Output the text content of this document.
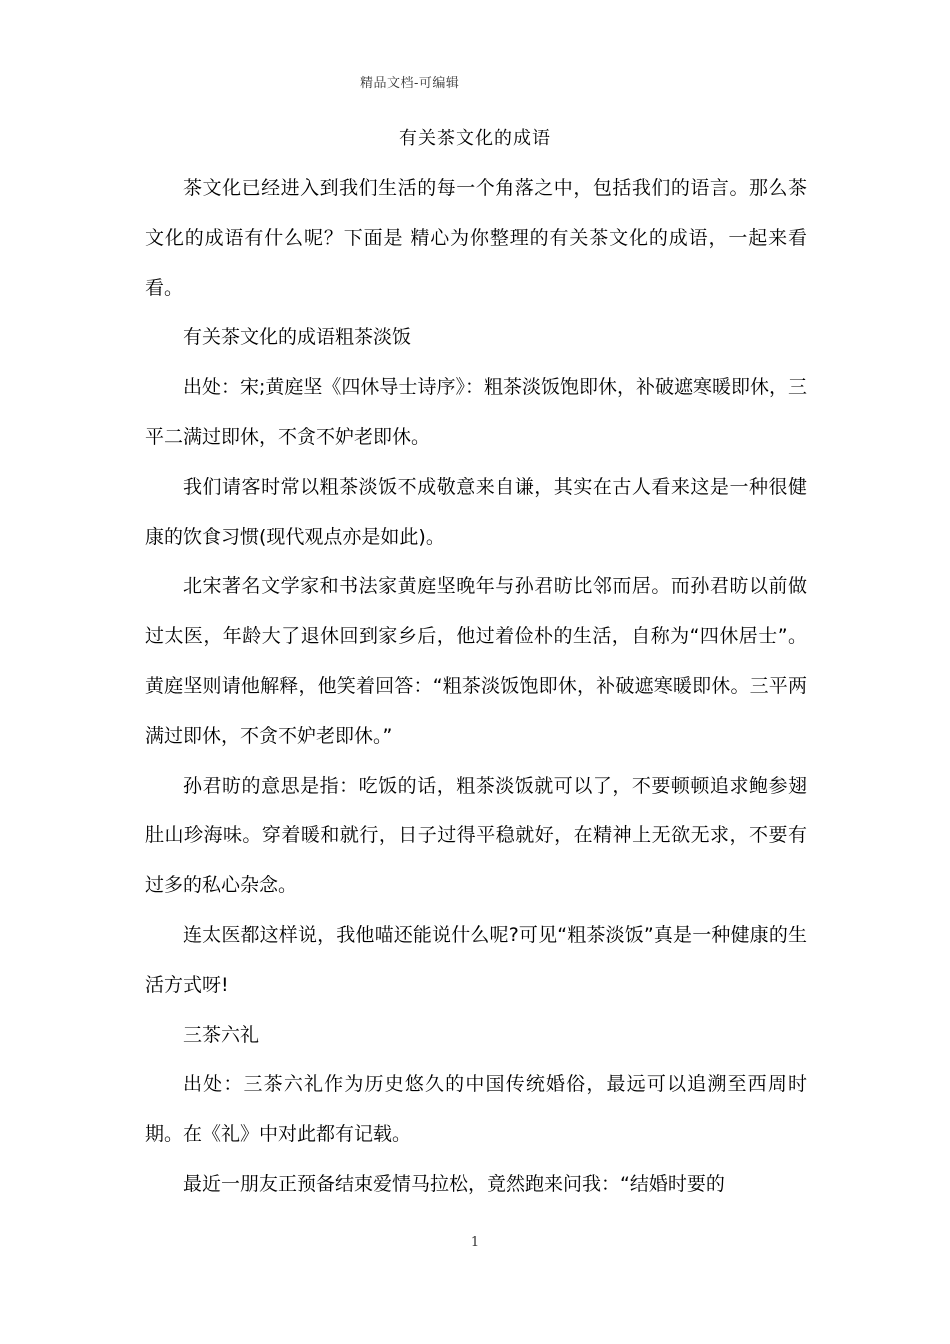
精品文档-可编辑
有关茶文化的成语

茶文化已经进入到我们生活的每一个角落之中，包括我们的语言。那么茶文化的成语有什么呢？下面是 精心为你整理的有关茶文化的成语，一起来看看。

有关茶文化的成语粗茶淡饭

出处：宋;黄庭坚《四休导士诗序》：粗茶淡饭饱即休，补破遮寒暖即休，三平二满过即休，不贪不妒老即休。

我们请客时常以粗茶淡饭不成敬意来自谦，其实在古人看来这是一种很健康的饮食习惯(现代观点亦是如此)。

北宋著名文学家和书法家黄庭坚晚年与孙君昉比邻而居。而孙君昉以前做过太医，年龄大了退休回到家乡后，他过着俭朴的生活，自称为“四休居士”。黄庭坚则请他解释，他笑着回答：“粗茶淡饭饱即休，补破遮寒暖即休。三平两满过即休，不贪不妒老即休。”

孙君昉的意思是指：吃饭的话，粗茶淡饭就可以了，不要顿顿追求鲍参翅肚山珍海味。穿着暖和就行，日子过得平稳就好，在精神上无欲无求，不要有过多的私心杂念。

连太医都这样说，我他喵还能说什么呢?可见“粗茶淡饭”真是一种健康的生活方式呀!

三茶六礼

出处：三茶六礼作为历史悠久的中国传统婚俗，最远可以追溯至西周时期。在《礼》中对此都有记载。

最近一朋友正预备结束爱情马拉松，竟然跑来问我：“结婚时要的

1
